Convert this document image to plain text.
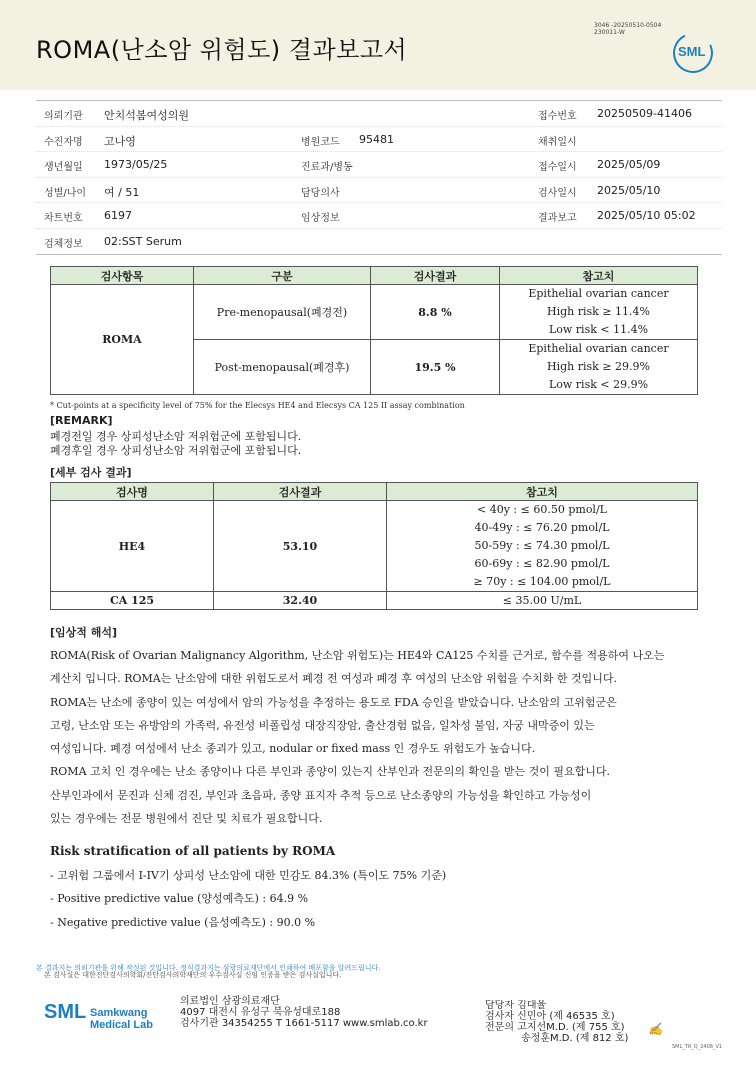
ROMA(난소암 위험도) 결과보고서
3046 -20250510-0504
230011-W
SML
의뢰기관 안치석봄여성의원	접수번호 20250509-41406
수진자명 고나영	병원코드 95481	채취일시
생년월일 1973/05/25	진료과/병동	접수일시 2025/05/09
성별/나이 여 / 51	담당의사	검사일시 2025/05/10
차트번호 6197	임상정보	결과보고 2025/05/10 05:02
검체정보 02:SST Serum
검사항목	구분	검사결과	참고치
ROMA	Pre-menopausal(폐경전)	8.8 %	Epithelial ovarian cancer
High risk ≥ 11.4%
Low risk < 11.4%

	Post-menopausal(폐경후)	19.5 %	Epithelial ovarian cancer
High risk ≥ 29.9%
Low risk < 29.9%
* Cut-points at a specificity level of 75% for the Elecsys HE4 and Elecsys CA 125 II assay combination
[REMARK]
폐경전일 경우 상피성난소암 저위험군에 포함됩니다.
폐경후일 경우 상피성난소암 저위험군에 포함됩니다.
[세부 검사 결과]
검사명	검사결과	참고치
HE4	53.10	< 40y : ≤ 60.50 pmol/L
40-49y : ≤ 76.20 pmol/L
50-59y : ≤ 74.30 pmol/L
60-69y : ≤ 82.90 pmol/L
≥ 70y : ≤ 104.00 pmol/L

CA 125	32.40	≤ 35.00 U/mL
[임상적 해석]

ROMA(Risk of Ovarian Malignancy Algorithm, 난소암 위험도)는 HE4와 CA125 수치를 근거로, 함수를 적용하여 나오는

계산치 입니다. ROMA는 난소암에 대한 위험도로서 폐경 전 여성과 폐경 후 여성의 난소암 위험을 수치화 한 것입니다.

ROMA는 난소에 종양이 있는 여성에서 암의 가능성을 추정하는 용도로 FDA 승인을 받았습니다. 난소암의 고위험군은

고령, 난소암 또는 유방암의 가족력, 유전성 비폴립성 대장직장암, 출산경험 없음, 일차성 불임, 자궁 내막증이 있는

여성입니다. 폐경 여성에서 난소 종괴가 있고, nodular or fixed mass 인 경우도 위험도가 높습니다.

ROMA 고치 인 경우에는 난소 종양이나 다른 부인과 종양이 있는지 산부인과 전문의의 확인을 받는 것이 필요합니다.

산부인과에서 문진과 신체 검진, 부인과 초음파, 종양 표지자 추적 등으로 난소종양의 가능성을 확인하고 가능성이

있는 경우에는 전문 병원에서 진단 및 치료가 필요합니다.

Risk stratification of all patients by ROMA

- 고위험 그룹에서 I-IV기 상피성 난소암에 대한 민감도 84.3% (특이도 75% 기준)

- Positive predictive value (양성예측도) : 64.9 %

- Negative predictive value (음성예측도) : 90.0 %

본 결과지는 의뢰기관을 위해 작성된 것입니다. 정식결과지는 삼광의료재단에서 인쇄하여 배포함을 알려드립니다.
본 검사실은 대한진단검사의학회/진단검사의학재단의 우수검사실 신임 인증을 받은 검사실입니다.
SML Samkwang
Medical Lab
의료법인 삼광의료재단
4097 대전시 유성구 북유성대로188
검사기관 34354255 T 1661-5117 www.smlab.co.kr
담당자 김대율
검사자 신민아 (제 46535 호)
전문의 고지선M.D. (제 755 호)
송정훈M.D. (제 812 호)
✍
SML_TR_Q_2408_V1
